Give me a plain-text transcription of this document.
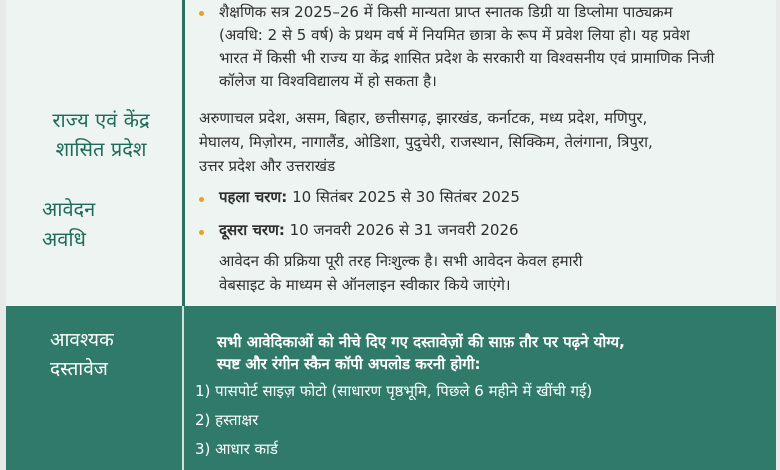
शैक्षणिक सत्र 2025–26 में किसी मान्यता प्राप्त स्नातक डिग्री या डिप्लोमा पाठ्यक्रम
(अवधि: 2 से 5 वर्ष) के प्रथम वर्ष में नियमित छात्रा के रूप में प्रवेश लिया हो। यह प्रवेश
भारत में किसी भी राज्य या केंद्र शासित प्रदेश के सरकारी या विश्वसनीय एवं प्रामाणिक निजी
कॉलेज या विश्वविद्यालय में हो सकता है।
राज्य एवं केंद्र
शासित प्रदेश
अरुणाचल प्रदेश, असम, बिहार, छत्तीसगढ़, झारखंड, कर्नाटक, मध्य प्रदेश, मणिपुर,
मेघालय, मिज़ोरम, नागालैंड, ओडिशा, पुदुचेरी, राजस्थान, सिक्किम, तेलंगाना, त्रिपुरा,
उत्तर प्रदेश और उत्तराखंड
आवेदन
अवधि
पहला चरण: 10 सितंबर 2025 से 30 सितंबर 2025
दूसरा चरण: 10 जनवरी 2026 से 31 जनवरी 2026
आवेदन की प्रक्रिया पूरी तरह निःशुल्क है। सभी आवेदन केवल हमारी
वेबसाइट के माध्यम से ऑनलाइन स्वीकार किये जाएंगे।
आवश्यक
दस्तावेज
सभी आवेदिकाओं को नीचे दिए गए दस्तावेज़ों की साफ़ तौर पर पढ़ने योग्य,
स्पष्ट और रंगीन स्कैन कॉपी अपलोड करनी होगी:
1) पासपोर्ट साइज़ फोटो (साधारण पृष्ठभूमि, पिछले 6 महीने में खींची गई)
2) हस्ताक्षर
3) आधार कार्ड
